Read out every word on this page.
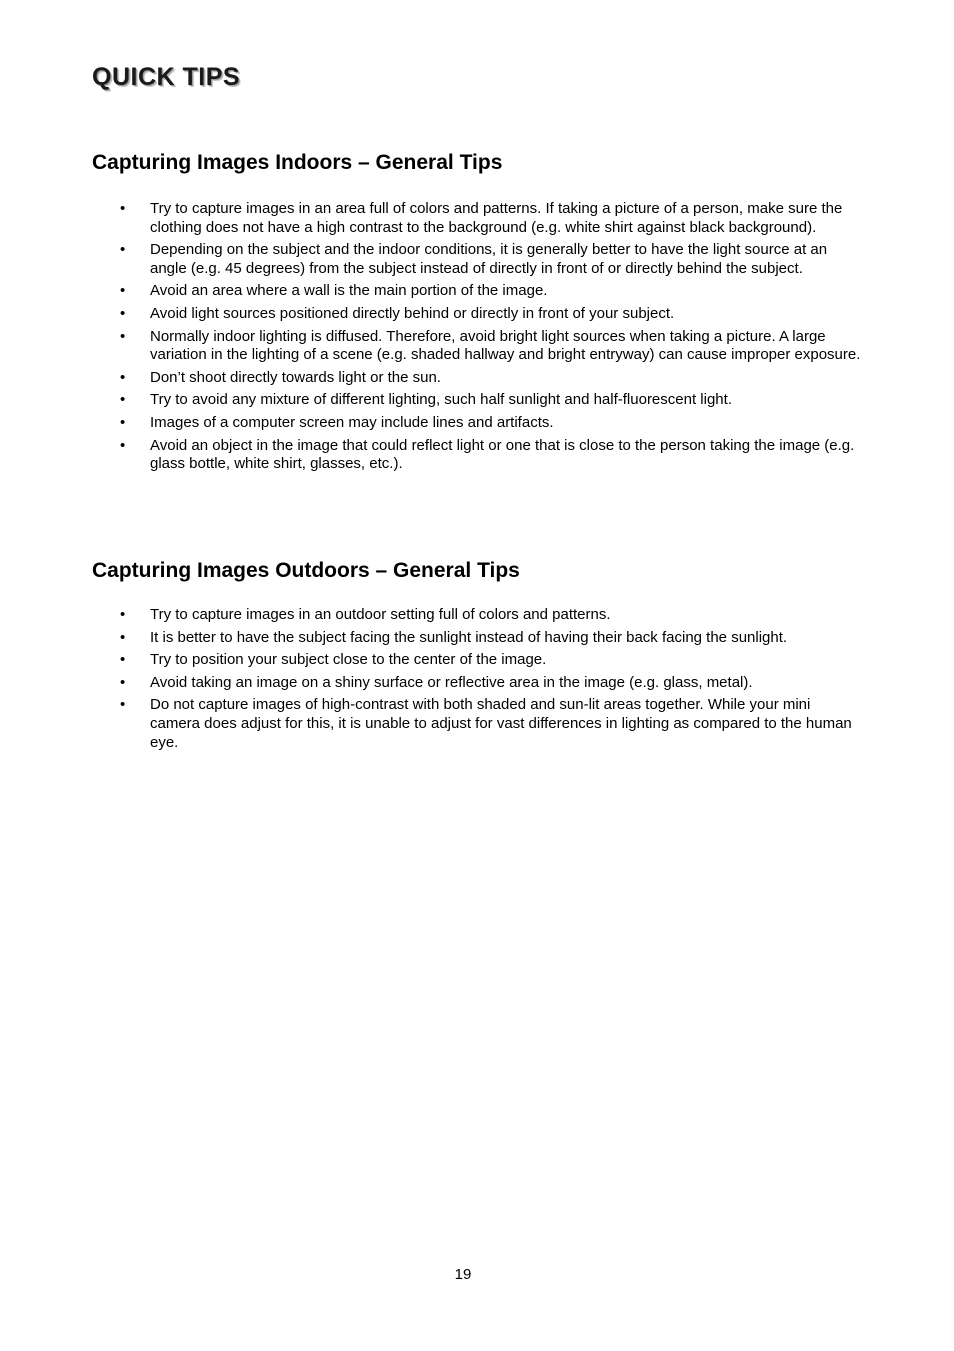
QUICK TIPS
Capturing Images Indoors – General Tips
• Try to capture images in an area full of colors and patterns. If taking a picture of a person, make sure the clothing does not have a high contrast to the background (e.g. white shirt against black background).
• Depending on the subject and the indoor conditions, it is generally better to have the light source at an angle (e.g. 45 degrees) from the subject instead of directly in front of or directly behind the subject.
• Avoid an area where a wall is the main portion of the image.
• Avoid light sources positioned directly behind or directly in front of your subject.
• Normally indoor lighting is diffused. Therefore, avoid bright light sources when taking a picture. A large variation in the lighting of a scene (e.g. shaded hallway and bright entryway) can cause improper exposure.
• Don’t shoot directly towards light or the sun.
• Try to avoid any mixture of different lighting, such half sunlight and half-fluorescent light.
• Images of a computer screen may include lines and artifacts.
• Avoid an object in the image that could reflect light or one that is close to the person taking the image (e.g. glass bottle, white shirt, glasses, etc.).
Capturing Images Outdoors – General Tips
• Try to capture images in an outdoor setting full of colors and patterns.
• It is better to have the subject facing the sunlight instead of having their back facing the sunlight.
• Try to position your subject close to the center of the image.
• Avoid taking an image on a shiny surface or reflective area in the image (e.g. glass, metal).
• Do not capture images of high-contrast with both shaded and sun-lit areas together. While your mini camera does adjust for this, it is unable to adjust for vast differences in lighting as compared to the human eye.
19
